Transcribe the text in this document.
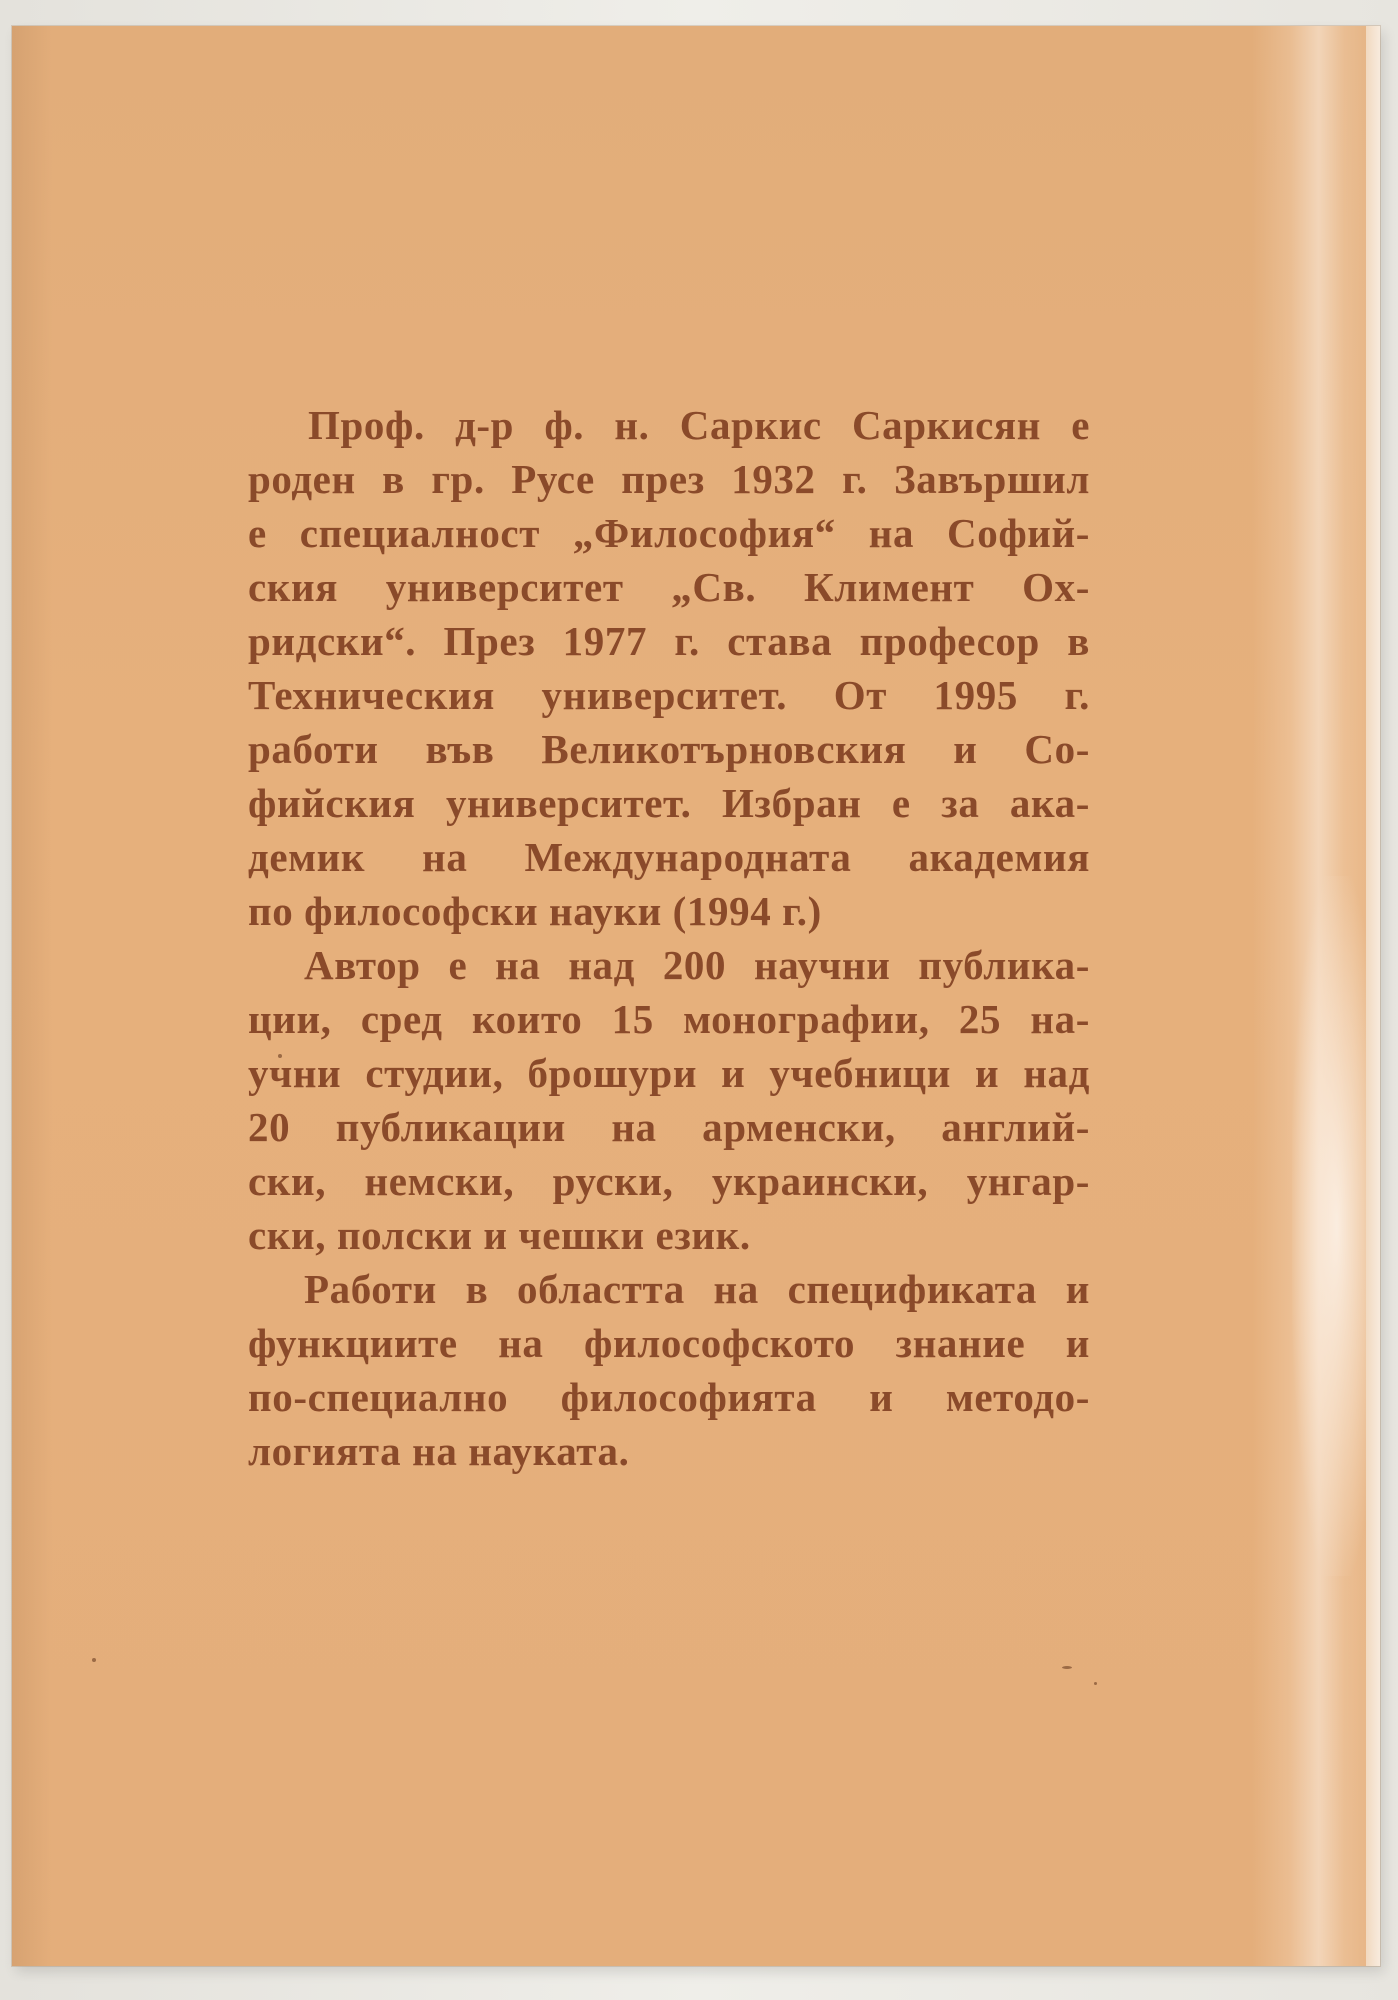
Проф. д-р ф. н. Саркис Саркисян е
роден в гр. Русе през 1932 г. Завършил
е специалност „Философия“ на Софий-
ския университет „Св. Климент Ох-
ридски“. През 1977 г. става професор в
Техническия университет. От 1995 г.
работи във Великотърновския и Со-
фийския университет. Избран е за ака-
демик на Международната академия
по философски науки (1994 г.)
Автор е на над 200 научни публика-
ции, сред които 15 монографии, 25 на-
учни студии, брошури и учебници и над
20 публикации на арменски, англий-
ски, немски, руски, украински, унгар-
ски, полски и чешки език.
Работи в областта на спецификата и
функциите на философското знание и
по-специално философията и методо-
логията на науката.
